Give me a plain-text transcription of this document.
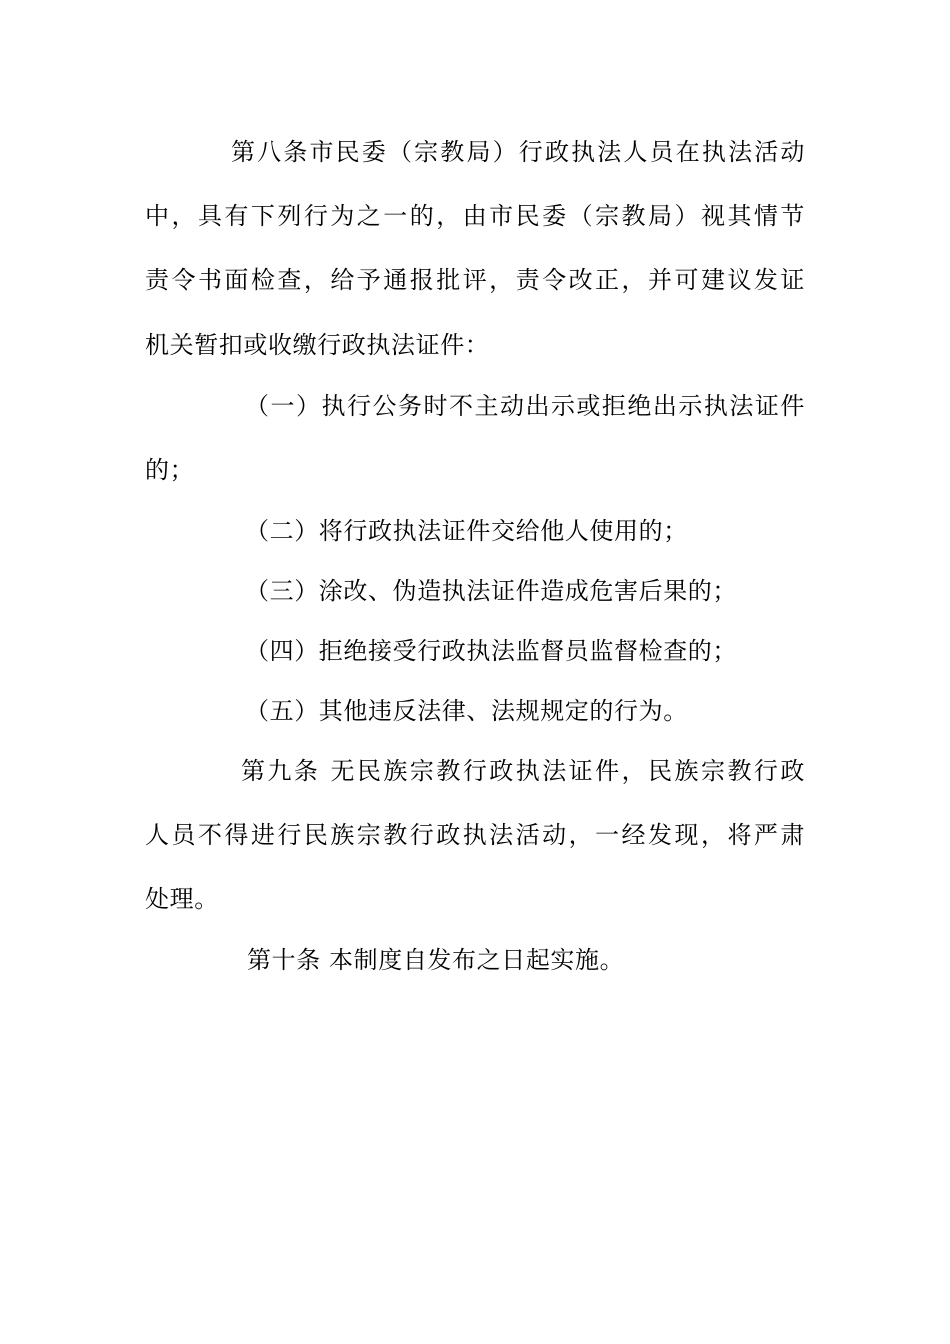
第八条市民委（宗教局）行政执法人员在执法活动
中，具有下列行为之一的，由市民委（宗教局）视其情节
责令书面检查，给予通报批评，责令改正，并可建议发证
机关暂扣或收缴行政执法证件：
（一）执行公务时不主动出示或拒绝出示执法证件
的；
（二）将行政执法证件交给他人使用的；
（三）涂改、伪造执法证件造成危害后果的；
（四）拒绝接受行政执法监督员监督检查的；
（五）其他违反法律、法规规定的行为。
第九条 无民族宗教行政执法证件，民族宗教行政
人员不得进行民族宗教行政执法活动，一经发现，将严肃
处理。
第十条 本制度自发布之日起实施。
